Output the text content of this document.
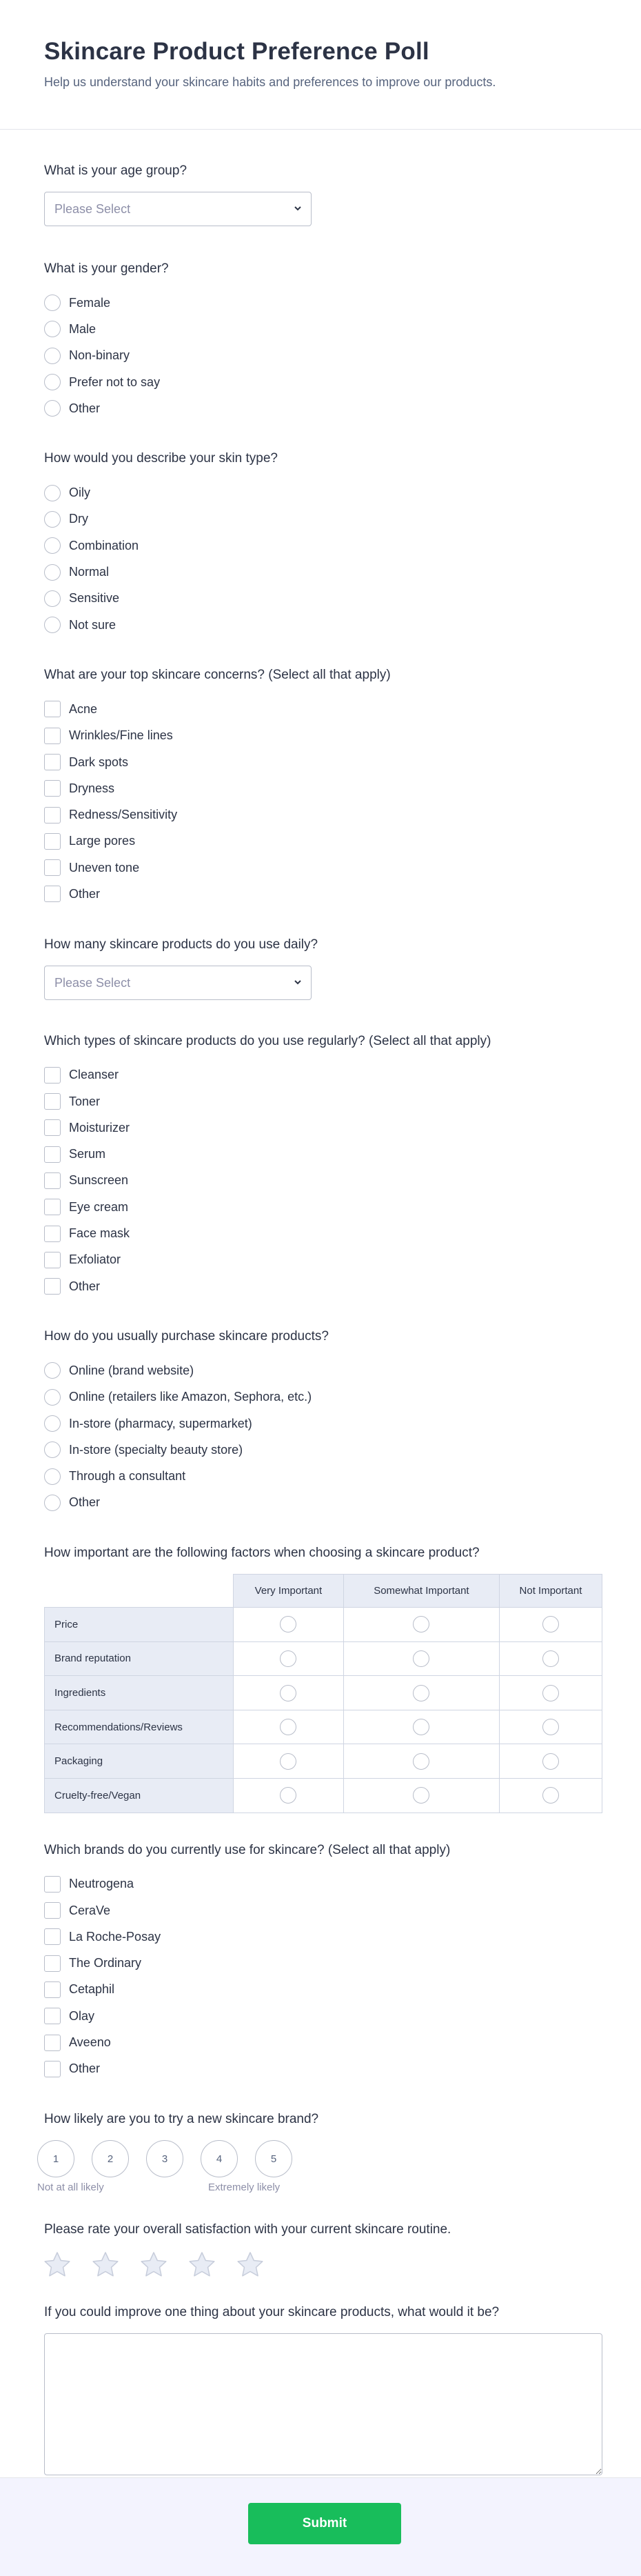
Skincare Product Preference Poll

Help us understand your skincare habits and preferences to improve our products.

What is your age group?
Please Select
What is your gender?
Female
Male
Non-binary
Prefer not to say
Other
How would you describe your skin type?
Oily
Dry
Combination
Normal
Sensitive
Not sure
What are your top skincare concerns? (Select all that apply)
Acne
Wrinkles/Fine lines
Dark spots
Dryness
Redness/Sensitivity
Large pores
Uneven tone
Other
How many skincare products do you use daily?
Please Select
Which types of skincare products do you use regularly? (Select all that apply)
Cleanser
Toner
Moisturizer
Serum
Sunscreen
Eye cream
Face mask
Exfoliator
Other
How do you usually purchase skincare products?
Online (brand website)
Online (retailers like Amazon, Sephora, etc.)
In-store (pharmacy, supermarket)
In-store (specialty beauty store)
Through a consultant
Other
How important are the following factors when choosing a skincare product?
	Very Important	Somewhat Important	Not Important
Price			
Brand reputation			
Ingredients			
Recommendations/Reviews			
Packaging			
Cruelty-free/Vegan			
Which brands do you currently use for skincare? (Select all that apply)
Neutrogena
CeraVe
La Roche-Posay
The Ordinary
Cetaphil
Olay
Aveeno
Other
How likely are you to try a new skincare brand?
1	2	3	4	5
Not at all likely	Extremely likely
Please rate your overall satisfaction with your current skincare routine.
If you could improve one thing about your skincare products, what would it be?
Submit
